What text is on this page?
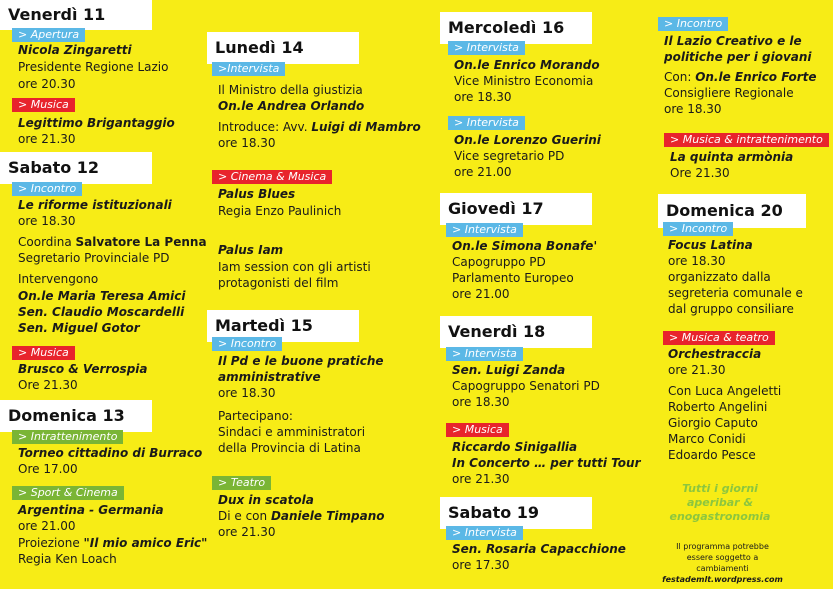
Venerdì 11
> Apertura
Nicola Zingaretti
Presidente Regione Lazio
ore 20.30
> Musica
Legittimo Brigantaggio
ore 21.30
Sabato 12
> Incontro
Le riforme istituzionali
ore 18.30
Coordina Salvatore La Penna
Segretario Provinciale PD
Intervengono
On.le Maria Teresa Amici
Sen. Claudio Moscardelli
Sen. Miguel Gotor
> Musica
Brusco & Verrospia
Ore 21.30
Domenica 13
> Intrattenimento
Torneo cittadino di Burraco
Ore 17.00
> Sport & Cinema
Argentina - Germania
ore 21.00
Proiezione "Il mio amico Eric"
Regia Ken Loach
Lunedì 14
>Intervista
Il Ministro della giustizia
On.le Andrea Orlando
Introduce: Avv. Luigi di Mambro
ore 18.30
> Cinema & Musica
Palus Blues
Regia Enzo Paulinich
Palus Iam
Iam session con gli artisti
protagonisti del film
Martedì 15
> Incontro
Il Pd e le buone pratiche
amministrative
ore 18.30
Partecipano:
Sindaci e amministratori
della Provincia di Latina
> Teatro
Dux in scatola
Di e con Daniele Timpano
ore 21.30
Mercoledì 16
> Intervista
On.le Enrico Morando
Vice Ministro Economia
ore 18.30
> Intervista
On.le Lorenzo Guerini
Vice segretario PD
ore 21.00
Giovedì 17
> Intervista
On.le Simona Bonafe'
Capogruppo PD
Parlamento Europeo
ore 21.00
Venerdì 18
> Intervista
Sen. Luigi Zanda
Capogruppo Senatori PD
ore 18.30
> Musica
Riccardo Sinigallia
In Concerto … per tutti Tour
ore 21.30
Sabato 19
> Intervista
Sen. Rosaria Capacchione
ore 17.30
> Incontro
Il Lazio Creativo e le
politiche per i giovani
Con: On.le Enrico Forte
Consigliere Regionale
ore 18.30
> Musica & intrattenimento
La quinta armònia
Ore 21.30
Domenica 20
> Incontro
Focus Latina
ore 18.30
organizzato dalla
segreteria comunale e
dal gruppo consiliare
> Musica & teatro
Orchestraccia
ore 21.30
Con Luca Angeletti
Roberto Angelini
Giorgio Caputo
Marco Conidi
Edoardo Pesce
Tutti i giorni
aperibar &
enogastronomia
Il programma potrebbe
essere soggetto a cambiamenti
festademlt.wordpress.com
